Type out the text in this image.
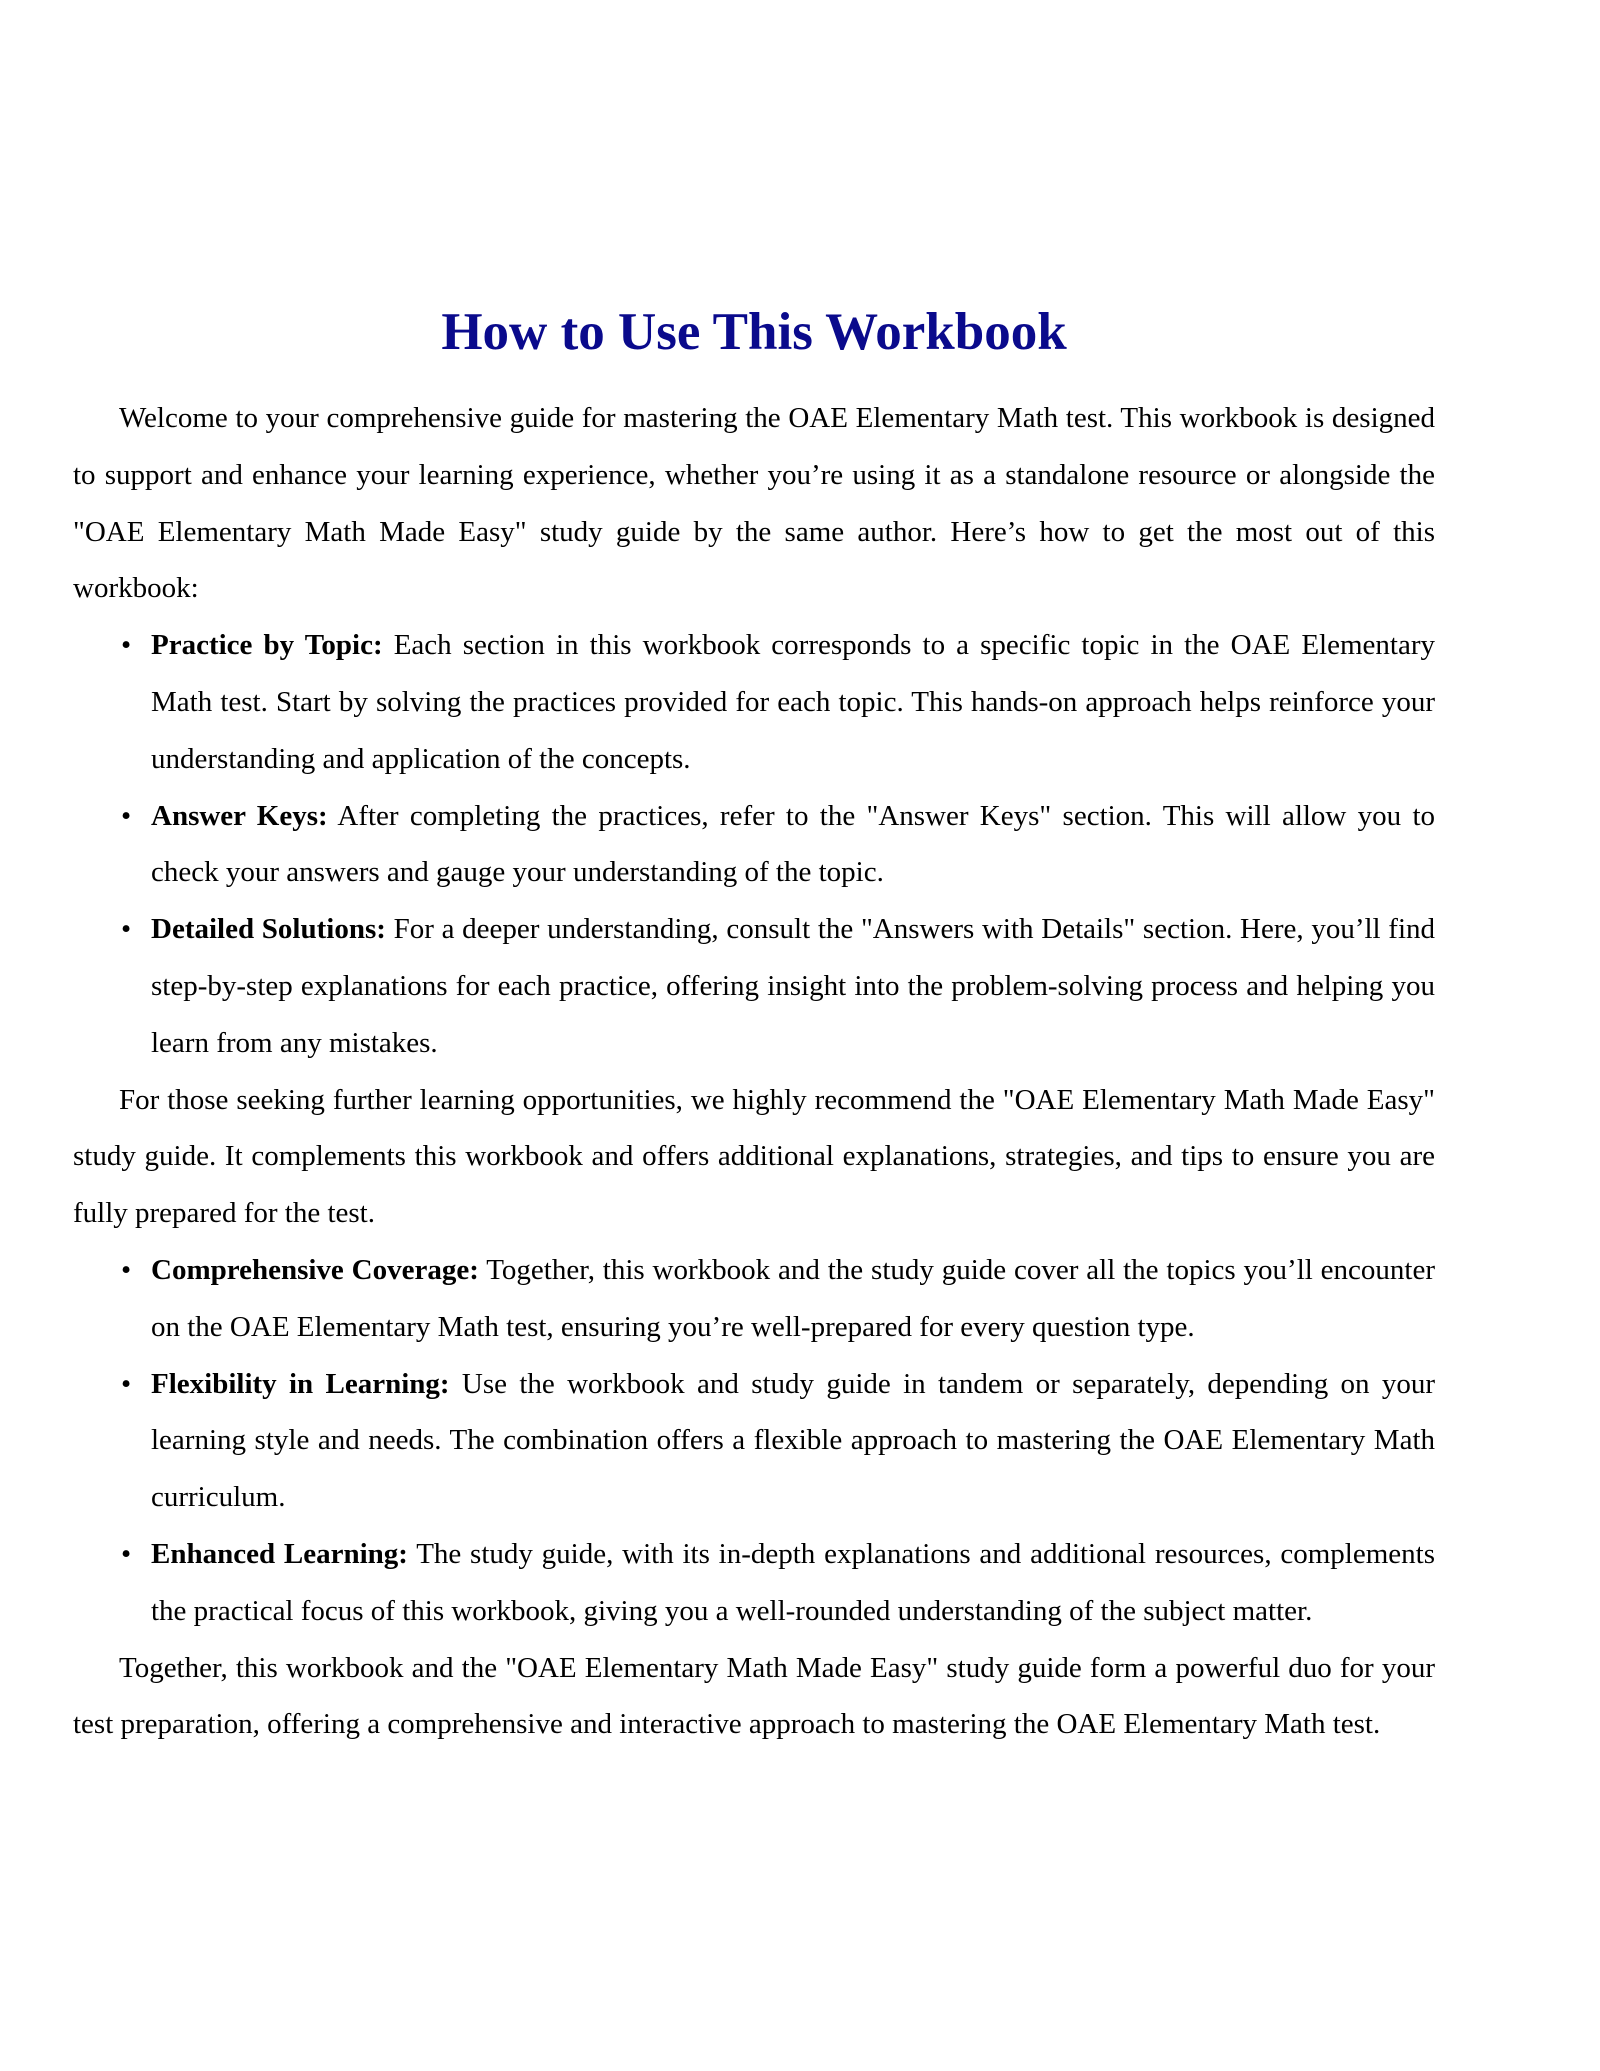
How to Use This Workbook

Welcome to your comprehensive guide for mastering the OAE Elementary Math test. This workbook is designed to support and enhance your learning experience, whether you’re using it as a standalone resource or alongside the "OAE Elementary Math Made Easy" study guide by the same author. Here’s how to get the most out of this workbook:

• Practice by Topic: Each section in this workbook corresponds to a specific topic in the OAE Elementary Math test. Start by solving the practices provided for each topic. This hands-on approach helps reinforce your understanding and application of the concepts.
• Answer Keys: After completing the practices, refer to the "Answer Keys" section. This will allow you to check your answers and gauge your understanding of the topic.
• Detailed Solutions: For a deeper understanding, consult the "Answers with Details" section. Here, you’ll find step-by-step explanations for each practice, offering insight into the problem-solving process and helping you learn from any mistakes.

For those seeking further learning opportunities, we highly recommend the "OAE Elementary Math Made Easy" study guide. It complements this workbook and offers additional explanations, strategies, and tips to ensure you are fully prepared for the test.

• Comprehensive Coverage: Together, this workbook and the study guide cover all the topics you’ll encounter on the OAE Elementary Math test, ensuring you’re well-prepared for every question type.
• Flexibility in Learning: Use the workbook and study guide in tandem or separately, depending on your learning style and needs. The combination offers a flexible approach to mastering the OAE Elementary Math curriculum.
• Enhanced Learning: The study guide, with its in-depth explanations and additional resources, complements the practical focus of this workbook, giving you a well-rounded understanding of the subject matter.

Together, this workbook and the "OAE Elementary Math Made Easy" study guide form a powerful duo for your test preparation, offering a comprehensive and interactive approach to mastering the OAE Elementary Math test.
